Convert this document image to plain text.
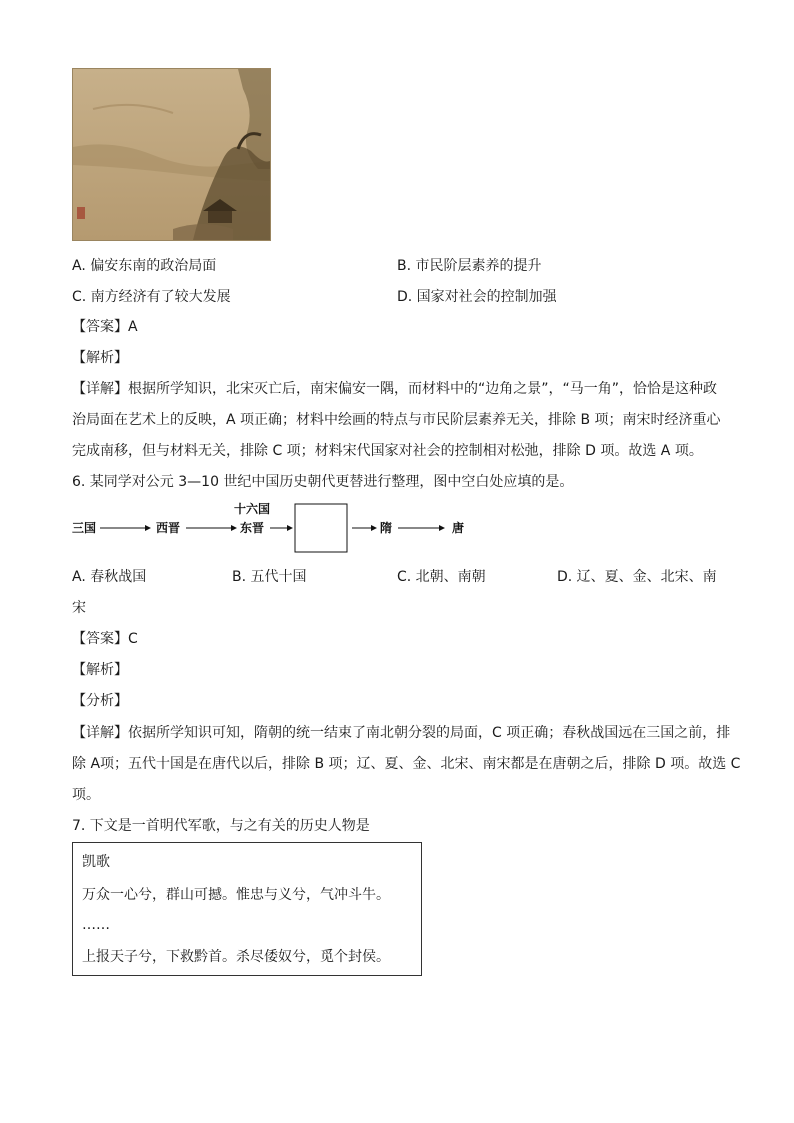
A. 偏安东南的政治局面	B. 市民阶层素养的提升
C. 南方经济有了较大发展	D. 国家对社会的控制加强
【答案】A
【解析】
【详解】根据所学知识，北宋灭亡后，南宋偏安一隅，而材料中的“边角之景”，“马一角”，恰恰是这种政
治局面在艺术上的反映，A 项正确；材料中绘画的特点与市民阶层素养无关，排除 B 项；南宋时经济重心
完成南移，但与材料无关，排除 C 项；材料宋代国家对社会的控制相对松弛，排除 D 项。故选 A 项。
6. 某同学对公元 3—10 世纪中国历史朝代更替进行整理，图中空白处应填的是。
三国	西晋
十六国
东晋	隋	唐
A. 春秋战国	B. 五代十国	C. 北朝、南朝	D. 辽、夏、金、北宋、南
宋
【答案】C
【解析】
【分析】
【详解】依据所学知识可知，隋朝的统一结束了南北朝分裂的局面，C 项正确；春秋战国远在三国之前，排
除 A项；五代十国是在唐代以后，排除 B 项；辽、夏、金、北宋、南宋都是在唐朝之后，排除 D 项。故选 C
项。
7. 下文是一首明代军歌，与之有关的历史人物是
凯歌
万众一心兮，群山可撼。惟忠与义兮，气冲斗牛。
……
上报天子兮，下救黔首。杀尽倭奴兮，觅个封侯。
